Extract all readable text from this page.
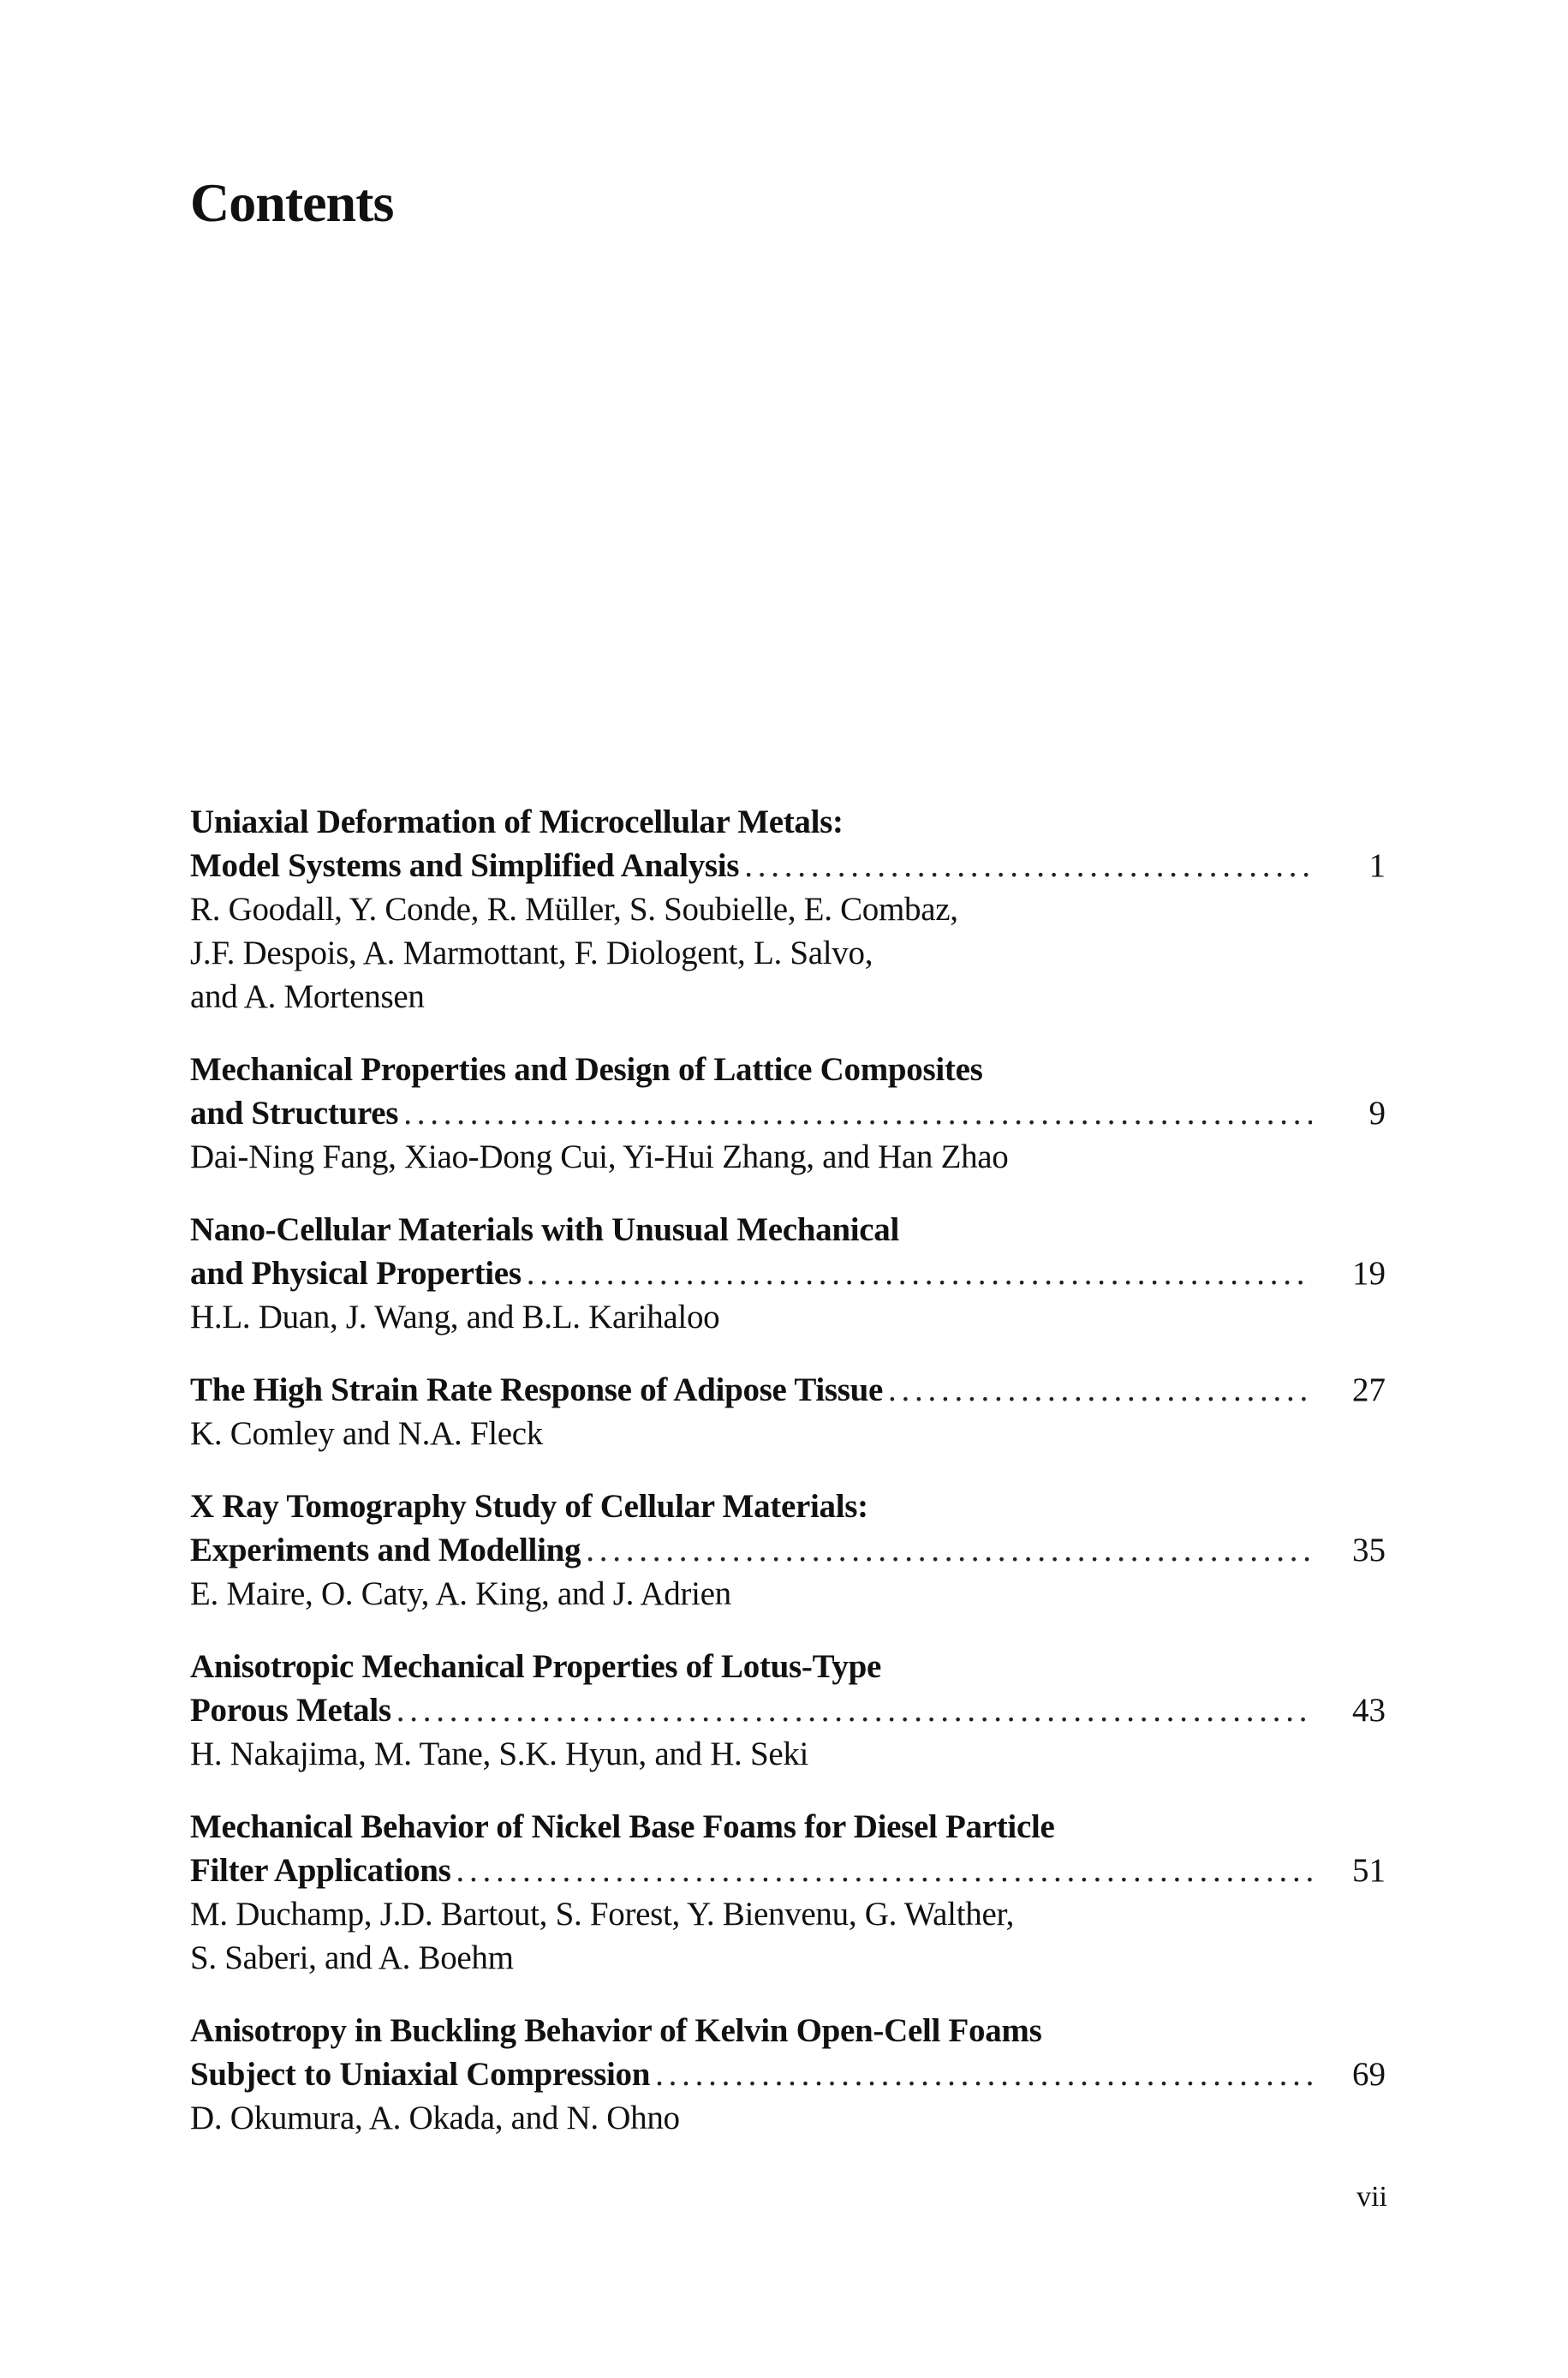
Contents
Uniaxial Deformation of Microcellular Metals:
Model Systems and Simplified Analysis . . .	1
R. Goodall, Y. Conde, R. Müller, S. Soubielle, E. Combaz,
J.F. Despois, A. Marmottant, F. Diologent, L. Salvo,
and A. Mortensen
Mechanical Properties and Design of Lattice Composites
and Structures . . .	9
Dai-Ning Fang, Xiao-Dong Cui, Yi-Hui Zhang, and Han Zhao
Nano-Cellular Materials with Unusual Mechanical
and Physical Properties . . .	19
H.L. Duan, J. Wang, and B.L. Karihaloo
The High Strain Rate Response of Adipose Tissue . . .	27
K. Comley and N.A. Fleck
X Ray Tomography Study of Cellular Materials:
Experiments and Modelling . . .	35
E. Maire, O. Caty, A. King, and J. Adrien
Anisotropic Mechanical Properties of Lotus-Type
Porous Metals . . .	43
H. Nakajima, M. Tane, S.K. Hyun, and H. Seki
Mechanical Behavior of Nickel Base Foams for Diesel Particle
Filter Applications . . .	51
M. Duchamp, J.D. Bartout, S. Forest, Y. Bienvenu, G. Walther,
S. Saberi, and A. Boehm
Anisotropy in Buckling Behavior of Kelvin Open-Cell Foams
Subject to Uniaxial Compression . . .	69
D. Okumura, A. Okada, and N. Ohno
vii
